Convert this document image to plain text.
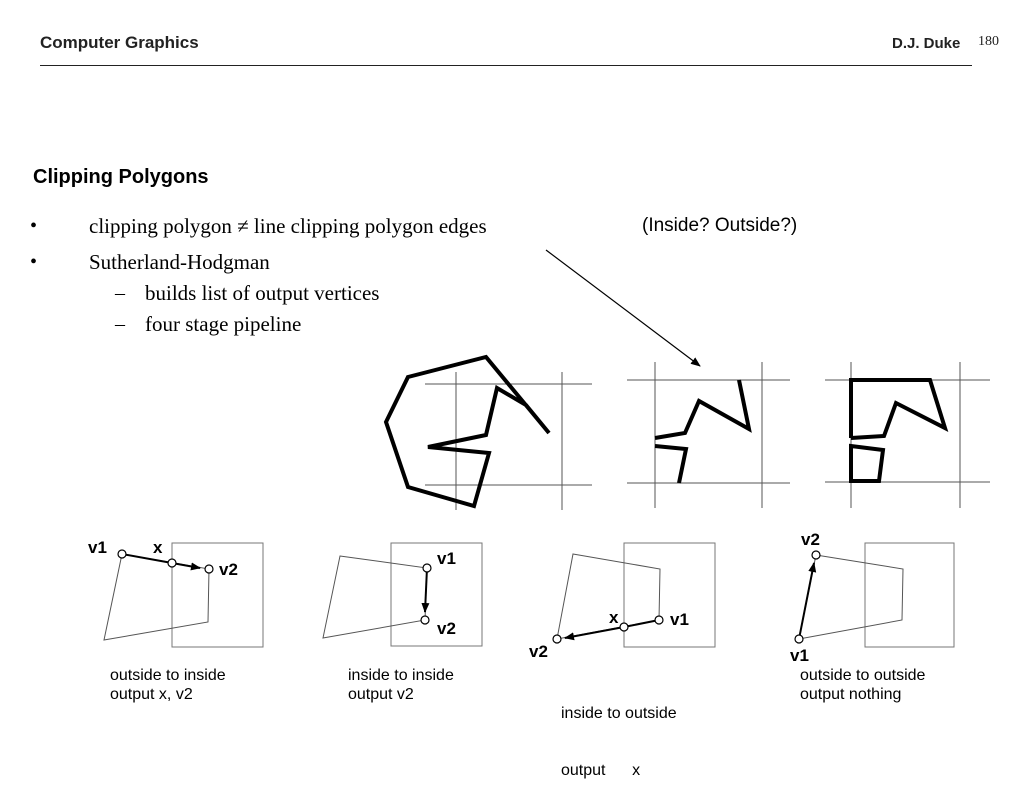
Computer Graphics	D.J. Duke 180
Clipping Polygons
• clipping polygon ≠ line clipping polygon edges
• Sutherland-Hodgman
– builds list of output vertices
– four stage pipeline
(Inside? Outside?)
v1	x
v2
v1
v2
x	v1
v2
v2
v1
outside to inside
output x, v2
inside to inside
output v2

inside to outside

output      x

outside to outside
output nothing
